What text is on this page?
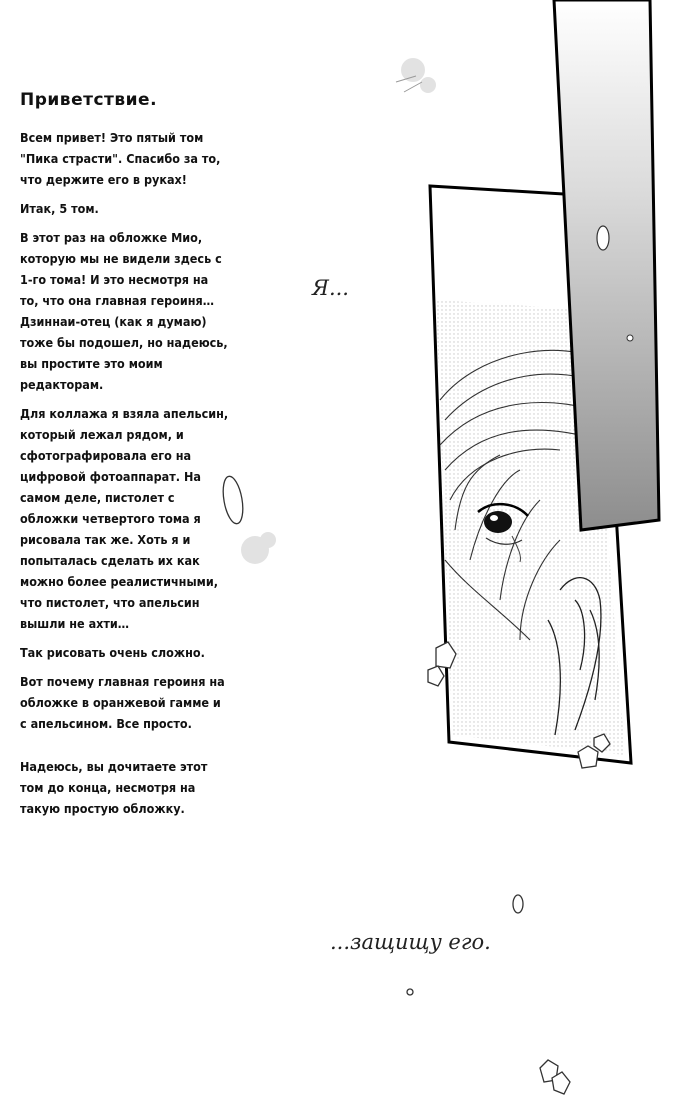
Приветствие.

Всем привет! Это пятый том "Пика страсти". Спасибо за то, что держите его в руках!

Итак, 5 том.

В этот раз на обложке Мио, которую мы не видели здесь с 1-го тома! И это несмотря на то, что она главная героиня… Дзиннаи-отец (как я думаю) тоже бы подошел, но надеюсь, вы простите это моим редакторам.

Для коллажа я взяла апельсин, который лежал рядом, и сфотографировала его на цифровой фотоаппарат. На самом деле, пистолет с обложки четвертого тома я рисовала так же. Хоть я и попыталась сделать их как можно более реалистичными, что пистолет, что апельсин вышли не ахти…

Так рисовать очень сложно.

Вот почему главная героиня на обложке в оранжевой гамме и с апельсином. Все просто.

Надеюсь, вы дочитаете этот том до конца, несмотря на такую простую обложку.

Я...
...защищу его.
